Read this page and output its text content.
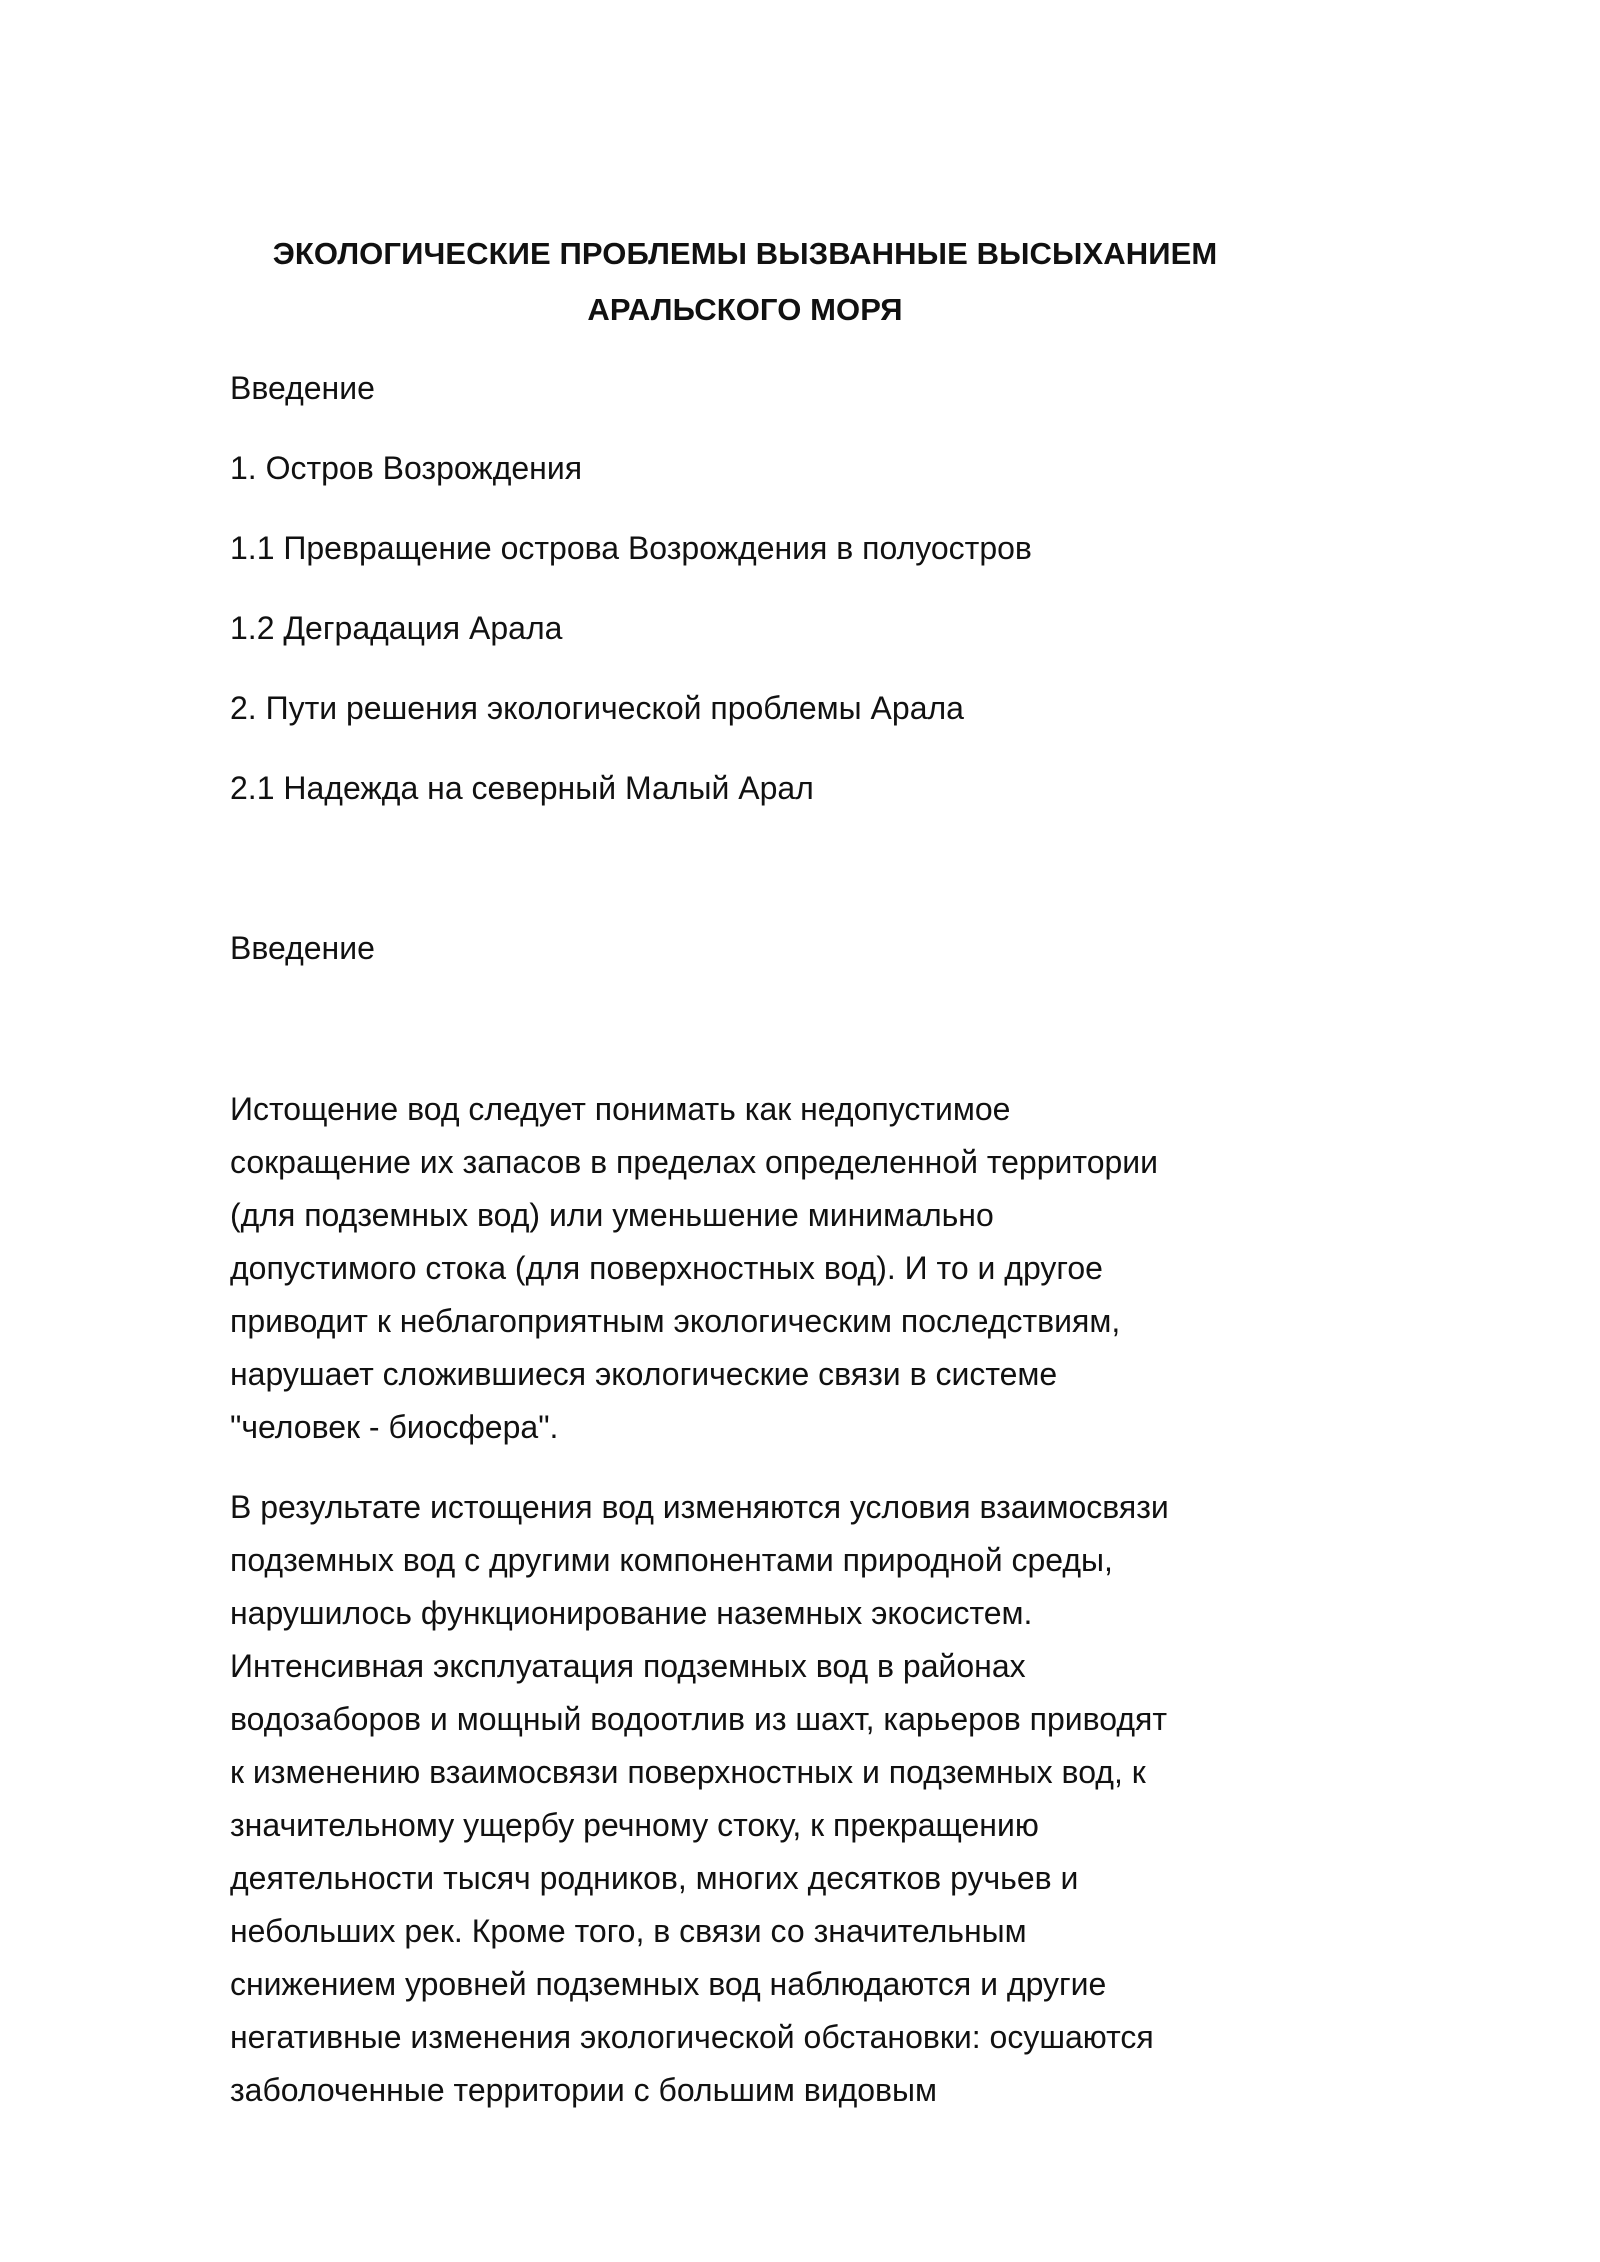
ЭКОЛОГИЧЕСКИЕ ПРОБЛЕМЫ ВЫЗВАННЫЕ ВЫСЫХАНИЕМ
АРАЛЬСКОГО МОРЯ
Введение
1. Остров Возрождения
1.1 Превращение острова Возрождения в полуостров
1.2 Деградация Арала
2. Пути решения экологической проблемы Арала
2.1 Надежда на северный Малый Арал
Введение
Истощение вод следует понимать как недопустимое
сокращение их запасов в пределах определенной территории
(для подземных вод) или уменьшение минимально
допустимого стока (для поверхностных вод). И то и другое
приводит к неблагоприятным экологическим последствиям,
нарушает сложившиеся экологические связи в системе
"человек - биосфера".
В результате истощения вод изменяются условия взаимосвязи
подземных вод с другими компонентами природной среды,
нарушилось функционирование наземных экосистем.
Интенсивная эксплуатация подземных вод в районах
водозаборов и мощный водоотлив из шахт, карьеров приводят
к изменению взаимосвязи поверхностных и подземных вод, к
значительному ущербу речному стоку, к прекращению
деятельности тысяч родников, многих десятков ручьев и
небольших рек. Кроме того, в связи со значительным
снижением уровней подземных вод наблюдаются и другие
негативные изменения экологической обстановки: осушаются
заболоченные территории с большим видовым
